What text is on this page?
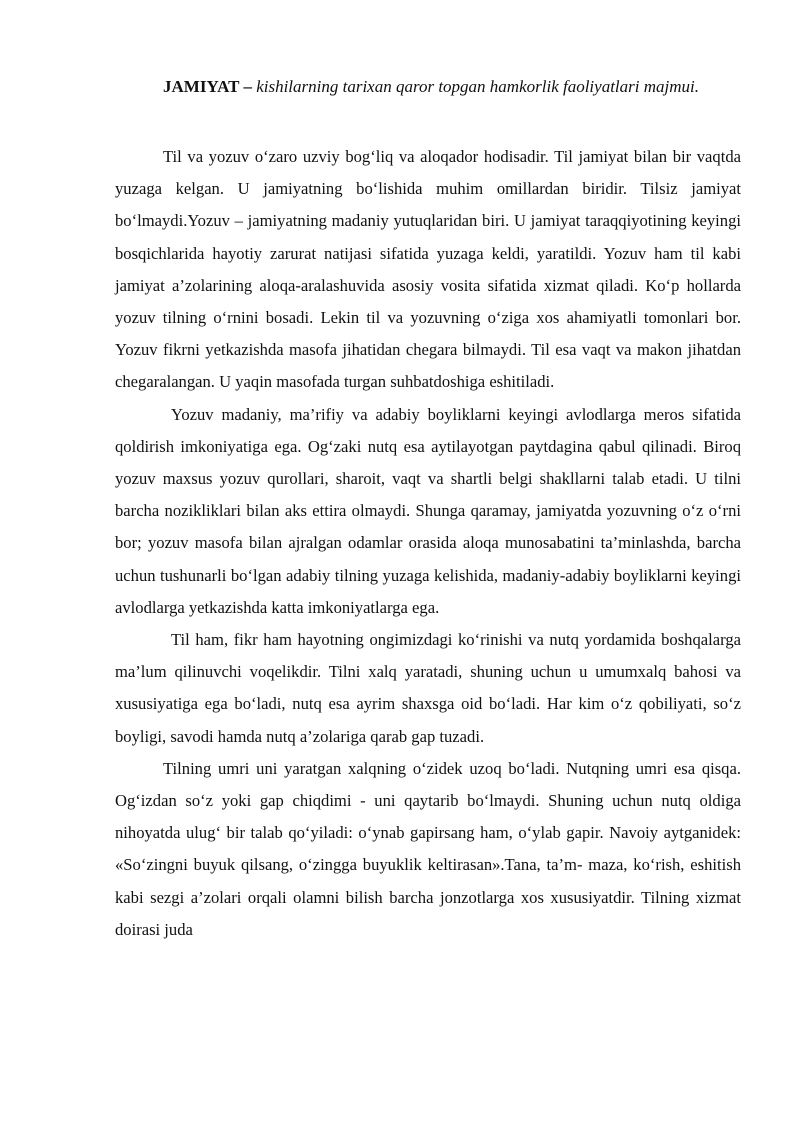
JAMIYAT – kishilarning tarixan qaror topgan hamkorlik faoliyatlari majmui.

Til va yozuv o‘zaro uzviy bog‘liq va aloqador hodisadir. Til jamiyat bilan bir vaqtda yuzaga kelgan. U jamiyatning bo‘lishida muhim omillardan biridir. Tilsiz jamiyat bo‘lmaydi.Yozuv – jamiyatning madaniy yutuqlaridan biri. U jamiyat taraqqiyotining keyingi bosqichlarida hayotiy zarurat natijasi sifatida yuzaga keldi, yaratildi. Yozuv ham til kabi jamiyat a’zolarining aloqa-aralashuvida asosiy vosita sifatida xizmat qiladi. Ko‘p hollarda yozuv tilning o‘rnini bosadi. Lekin til va yozuvning o‘ziga xos ahamiyatli tomonlari bor. Yozuv fikrni yetkazishda masofa jihatidan chegara bilmaydi. Til esa vaqt va makon jihatdan chegaralangan. U yaqin masofada turgan suhbatdoshiga eshitiladi.

Yozuv madaniy, ma’rifiy va adabiy boyliklarni keyingi avlodlarga meros sifatida qoldirish imkoniyatiga ega. Og‘zaki nutq esa aytilayotgan paytdagina qabul qilinadi. Biroq yozuv maxsus yozuv qurollari, sharoit, vaqt va shartli belgi shakllarni talab etadi. U tilni barcha nozikliklari bilan aks ettira olmaydi. Shunga qaramay, jamiyatda yozuvning o‘z o‘rni bor; yozuv masofa bilan ajralgan odamlar orasida aloqa munosabatini ta’minlashda, barcha uchun tushunarli bo‘lgan adabiy tilning yuzaga kelishida, madaniy-adabiy boyliklarni keyingi avlodlarga yetkazishda katta imkoniyatlarga ega.

Til ham, fikr ham hayotning ongimizdagi ko‘rinishi va nutq yordamida boshqalarga ma’lum qilinuvchi voqelikdir. Tilni xalq yaratadi, shuning uchun u umumxalq bahosi va xususiyatiga ega bo‘ladi, nutq esa ayrim shaxsga oid bo‘ladi. Har kim o‘z qobiliyati, so‘z boyligi, savodi hamda nutq a’zolariga qarab gap tuzadi.

Tilning umri uni yaratgan xalqning o‘zidek uzoq bo‘ladi. Nutqning umri esa qisqa. Og‘izdan so‘z yoki gap chiqdimi - uni qaytarib bo‘lmaydi. Shuning uchun nutq oldiga nihoyatda ulug‘ bir talab qo‘yiladi: o‘ynab gapirsang ham, o‘ylab gapir. Navoiy aytganidek: «So‘zingni buyuk qilsang, o‘zingga buyuklik keltirasan».Tana, ta’m- maza, ko‘rish, eshitish kabi sezgi a’zolari orqali olamni bilish barcha jonzotlarga xos xususiyatdir. Tilning xizmat doirasi juda
